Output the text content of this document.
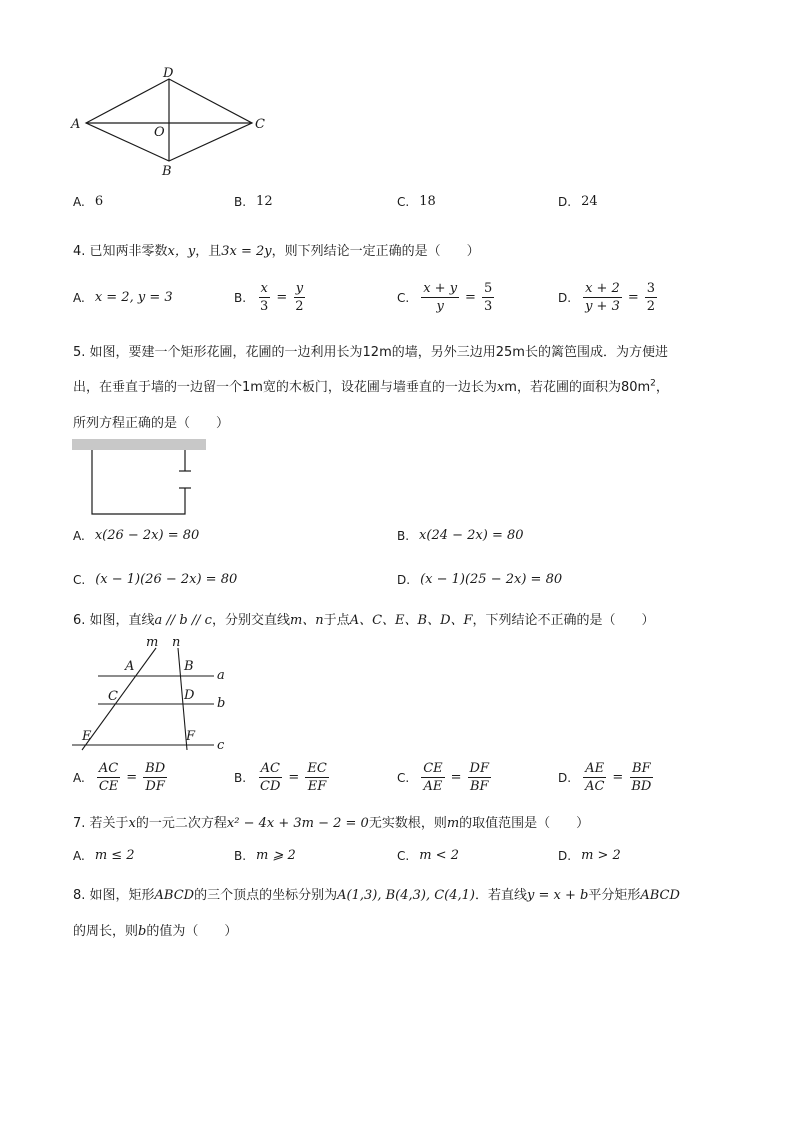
D
A	C
O
B
A. 6	B. 12	C. 18	D. 24
4. 已知两非零数x，y，且3x = 2y，则下列结论一定正确的是（　　）
A. x = 2, y = 3	B. $\frac{x}{3} = \frac{y}{2}$	C. $\frac{x + y}{y} = \frac{5}{3}$	D. $\frac{x + 2}{y + 3} = \frac{3}{2}$
5. 如图，要建一个矩形花圃，花圃的一边利用长为12m的墙，另外三边用25m长的篱笆围成．为方便进
出，在垂直于墙的一边留一个1m宽的木板门，设花圃与墙垂直的一边长为xm，若花圃的面积为$80m^2$，
所列方程正确的是（　　）
A. x(26 − 2x) = 80	B. x(24 − 2x) = 80
C. (x − 1)(26 − 2x) = 80	D. (x − 1)(25 − 2x) = 80
6. 如图，直线a // b // c，分别交直线m、n于点A、C、E、B、D、F，下列结论不正确的是（　　）
m n
A	B
a
C	D
b
E	F
c
A. $\frac{AC}{CE} = \frac{BD}{DF}$	B. $\frac{AC}{CD} = \frac{EC}{EF}$	C. $\frac{CE}{AE} = \frac{DF}{BF}$	D. $\frac{AE}{AC} = \frac{BF}{BD}$
7. 若关于x的一元二次方程x² − 4x + 3m − 2 = 0无实数根，则m的取值范围是（　　）
A. m ≤ 2	B. m ⩾ 2	C. m < 2	D. m > 2
8. 如图，矩形ABCD的三个顶点的坐标分别为A(1,3), B(4,3), C(4,1)．若直线y = x + b平分矩形ABCD
的周长，则b的值为（　　）
